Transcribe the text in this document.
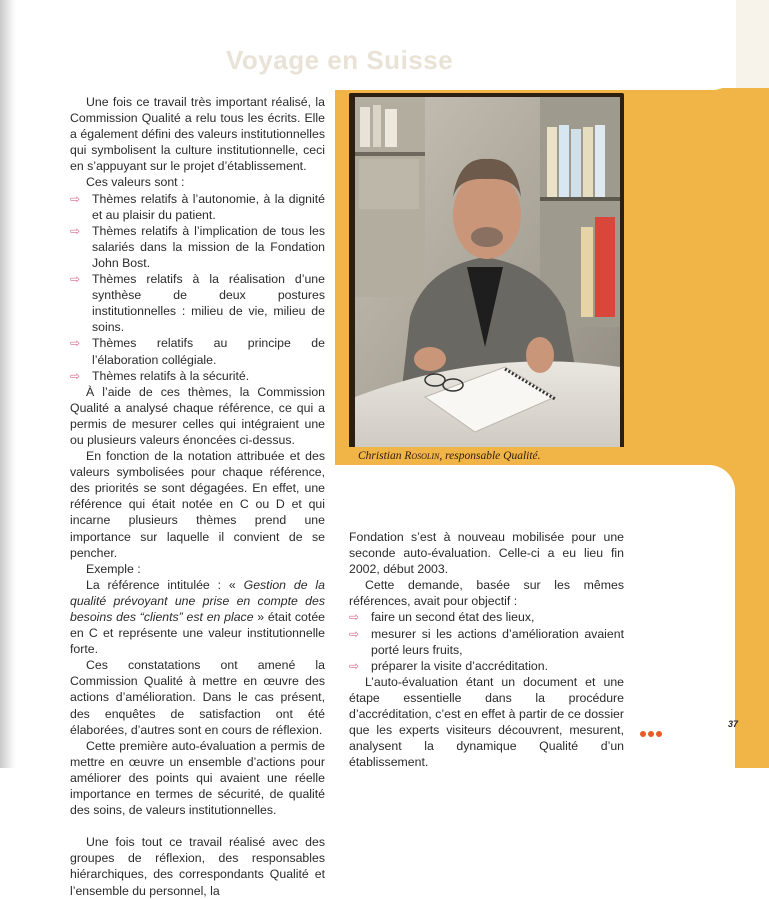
Voyage en Suisse
Christian Rosolin, responsable Qualité.

Une fois ce travail très important réalisé, la Commission Qualité a relu tous les écrits. Elle a également défini des valeurs institutionnelles qui symbolisent la culture institutionnelle, ceci en s’appuyant sur le projet d’établissement.

Ces valeurs sont :

⇨ Thèmes relatifs à l’autonomie, à la dignité et au plaisir du patient.
⇨ Thèmes relatifs à l’implication de tous les salariés dans la mission de la Fondation John Bost.
⇨ Thèmes relatifs à la réalisation d’une synthèse de deux postures institutionnelles : milieu de vie, milieu de soins.
⇨ Thèmes relatifs au principe de l’élaboration collégiale.
⇨ Thèmes relatifs à la sécurité.

À l’aide de ces thèmes, la Commission Qualité a analysé chaque référence, ce qui a permis de mesurer celles qui intégraient une ou plusieurs valeurs énoncées ci-dessus.

En fonction de la notation attribuée et des valeurs symbolisées pour chaque référence, des priorités se sont dégagées. En effet, une référence qui était notée en C ou D et qui incarne plusieurs thèmes prend une importance sur laquelle il convient de se pencher.

Exemple :

La référence intitulée : « Gestion de la qualité prévoyant une prise en compte des besoins des “clients” est en place » était cotée en C et représente une valeur institutionnelle forte.

Ces constatations ont amené la Commission Qualité à mettre en œuvre des actions d’amélioration. Dans le cas présent, des enquêtes de satisfaction ont été élaborées, d’autres sont en cours de réflexion.

Cette première auto-évaluation a permis de mettre en œuvre un ensemble d’actions pour améliorer des points qui avaient une réelle importance en termes de sécurité, de qualité des soins, de valeurs institutionnelles.

Une fois tout ce travail réalisé avec des groupes de réflexion, des responsables hiérarchiques, des correspondants Qualité et l’ensemble du personnel, la

Fondation s’est à nouveau mobilisée pour une seconde auto-évaluation. Celle-ci a eu lieu fin 2002, début 2003.

Cette demande, basée sur les mêmes références, avait pour objectif :

⇨ faire un second état des lieux,
⇨ mesurer si les actions d’amélioration avaient porté leurs fruits,
⇨ préparer la visite d’accréditation.

L’auto-évaluation étant un document et une étape essentielle dans la procédure d’accréditation, c’est en effet à partir de ce dossier que les experts visiteurs découvrent, mesurent, analysent la dynamique Qualité d’un établissement.

37
